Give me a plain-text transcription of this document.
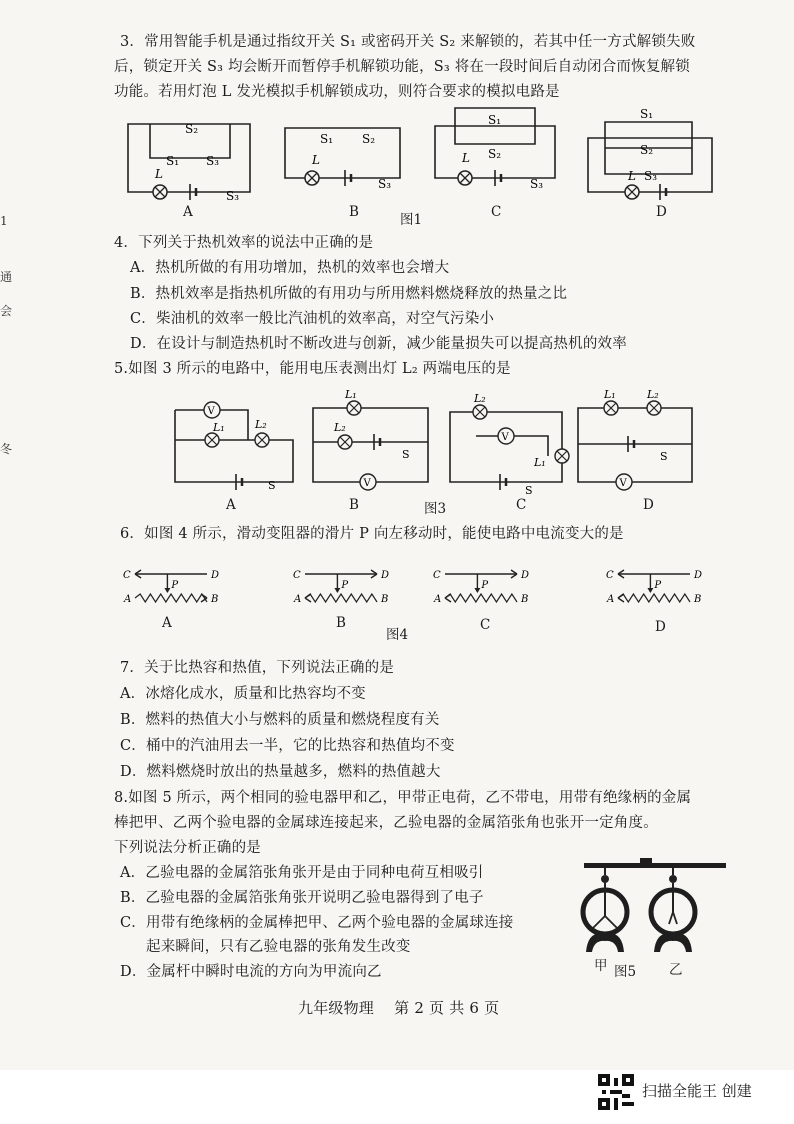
1
通
会
冬
3．常用智能手机是通过指纹开关 S₁ 或密码开关 S₂ 来解锁的，若其中任一方式解锁失败
后，锁定开关 S₃ 均会断开而暂停手机解锁功能，S₃ 将在一段时间后自动闭合而恢复解锁
功能。若用灯泡 L 发光模拟手机解锁成功，则符合要求的模拟电路是
S₂
S₁ S₃
L
S₃
S₁ S₂
L
S₃
S₁
S₂
L
S₃
S₁
S₂
S₃
L
A	B	图1	C	D
4．下列关于热机效率的说法中正确的是
A．热机所做的有用功增加，热机的效率也会增大
B．热机效率是指热机所做的有用功与所用燃料燃烧释放的热量之比
C．柴油机的效率一般比汽油机的效率高，对空气污染小
D．在设计与制造热机时不断改进与创新，减少能量损失可以提高热机的效率
5.如图 3 所示的电路中，能用电压表测出灯 L₂ 两端电压的是
V
L₁	L₂
S	V
L₁
L₂
S
V
L₂
L₁
S
V
L₁	L₂
S
A	B	图3	C	D
6．如图 4 所示，滑动变阻器的滑片 P 向左移动时，能使电路中电流变大的是
C	D
A	B
P
C	D
A	B
P
C	D
A	B
P
C	D
A	B
P
A	B
图4
C	D
7．关于比热容和热值，下列说法正确的是
A．冰熔化成水，质量和比热容均不变
B．燃料的热值大小与燃料的质量和燃烧程度有关
C．桶中的汽油用去一半，它的比热容和热值均不变
D．燃料燃烧时放出的热量越多，燃料的热值越大
8.如图 5 所示，两个相同的验电器甲和乙，甲带正电荷，乙不带电，用带有绝缘柄的金属
棒把甲、乙两个验电器的金属球连接起来，乙验电器的金属箔张角也张开一定角度。
下列说法分析正确的是
A．乙验电器的金属箔张角张开是由于同种电荷互相吸引
B．乙验电器的金属箔张角张开说明乙验电器得到了电子
C．用带有绝缘柄的金属棒把甲、乙两个验电器的金属球连接
起来瞬间，只有乙验电器的张角发生改变
D．金属杆中瞬时电流的方向为甲流向乙	甲 图5 乙
九年级物理　 第 2 页 共 6 页
扫描全能王 创建
